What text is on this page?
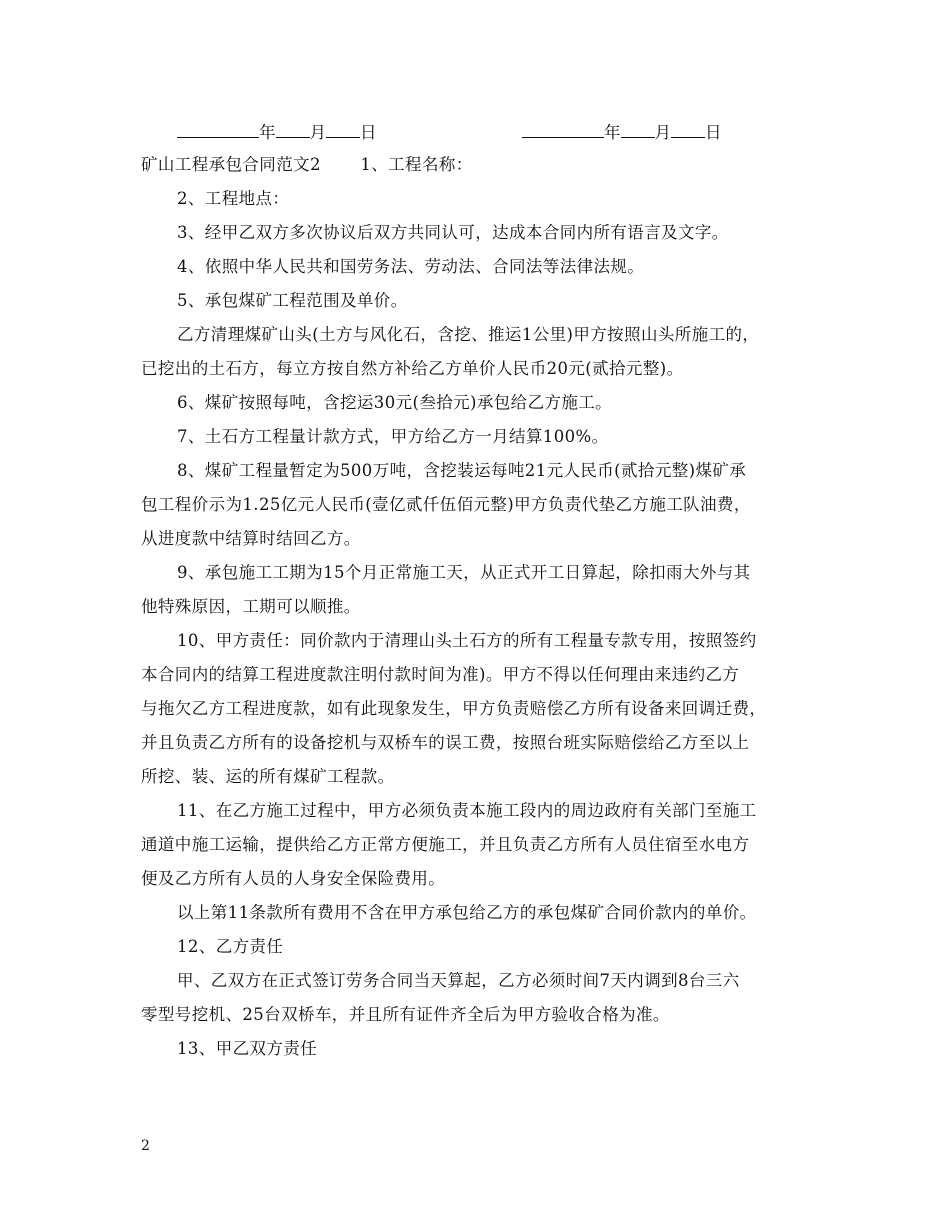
年 月 日	年 月 日
矿山工程承包合同范文2　　 1、工程名称：
2、工程地点：
3、经甲乙双方多次协议后双方共同认可，达成本合同内所有语言及文字。
4、依照中华人民共和国劳务法、劳动法、合同法等法律法规。
5、承包煤矿工程范围及单价。
乙方清理煤矿山头(土方与风化石，含挖、推运1公里)甲方按照山头所施工的，
已挖出的土石方，每立方按自然方补给乙方单价人民币20元(贰拾元整)。
6、煤矿按照每吨，含挖运30元(叁拾元)承包给乙方施工。
7、土石方工程量计款方式，甲方给乙方一月结算100%。
8、煤矿工程量暂定为500万吨，含挖装运每吨21元人民币(贰拾元整)煤矿承
包工程价示为1.25亿元人民币(壹亿贰仟伍佰元整)甲方负责代垫乙方施工队油费，
从进度款中结算时结回乙方。
9、承包施工工期为15个月正常施工天，从正式开工日算起，除扣雨大外与其
他特殊原因，工期可以顺推。
10、甲方责任：同价款内于清理山头土石方的所有工程量专款专用，按照签约
本合同内的结算工程进度款注明付款时间为准)。甲方不得以任何理由来违约乙方
与拖欠乙方工程进度款，如有此现象发生，甲方负责赔偿乙方所有设备来回调迁费，
并且负责乙方所有的设备挖机与双桥车的误工费，按照台班实际赔偿给乙方至以上
所挖、装、运的所有煤矿工程款。
11、在乙方施工过程中，甲方必须负责本施工段内的周边政府有关部门至施工
通道中施工运输，提供给乙方正常方便施工，并且负责乙方所有人员住宿至水电方
便及乙方所有人员的人身安全保险费用。
以上第11条款所有费用不含在甲方承包给乙方的承包煤矿合同价款内的单价。
12、乙方责任
甲、乙双方在正式签订劳务合同当天算起，乙方必须时间7天内调到8台三六
零型号挖机、25台双桥车，并且所有证件齐全后为甲方验收合格为准。
13、甲乙双方责任
2
